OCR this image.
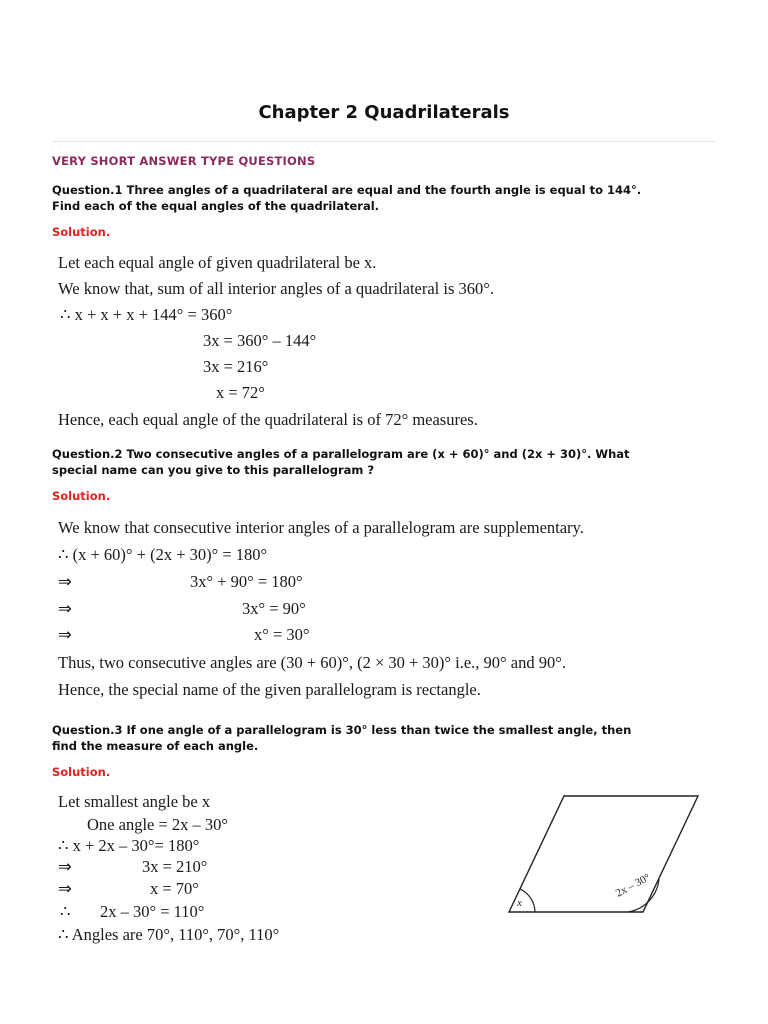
Chapter 2 Quadrilaterals
VERY SHORT ANSWER TYPE QUESTIONS
Question.1 Three angles of a quadrilateral are equal and the fourth angle is equal to 144°.
Find each of the equal angles of the quadrilateral.
Solution.
Let each equal angle of given quadrilateral be x.
We know that, sum of all interior angles of a quadrilateral is 360°.
∴ x + x + x + 144° = 360°
3x = 360° – 144°
3x = 216°
x = 72°
Hence, each equal angle of the quadrilateral is of 72° measures.
Question.2 Two consecutive angles of a parallelogram are (x + 60)° and (2x + 30)°. What
special name can you give to this parallelogram ?
Solution.
We know that consecutive interior angles of a parallelogram are supplementary.
∴ (x + 60)° + (2x + 30)° = 180°
⇒	3x° + 90° = 180°
⇒	3x° = 90°
⇒	x° = 30°
Thus, two consecutive angles are (30 + 60)°, (2 × 30 + 30)° i.e., 90° and 90°.
Hence, the special name of the given parallelogram is rectangle.
Question.3 If one angle of a parallelogram is 30° less than twice the smallest angle, then
find the measure of each angle.
Solution.
Let smallest angle be x
One angle = 2x – 30°
∴ x + 2x – 30°= 180°
⇒	3x = 210°
⇒	x = 70°
∴ 2x – 30° = 110°
∴ Angles are 70°, 110°, 70°, 110°
x
2x – 30°
